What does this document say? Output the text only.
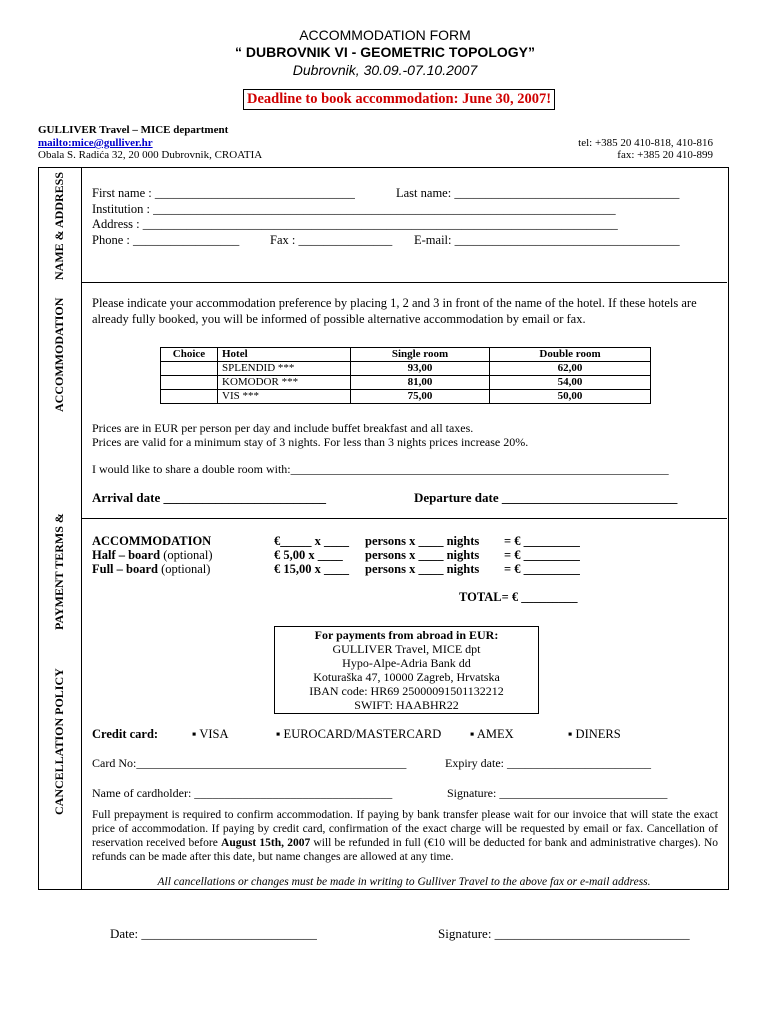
ACCOMMODATION FORM
“ DUBROVNIK VI - GEOMETRIC TOPOLOGY”
Dubrovnik, 30.09.-07.10.2007
Deadline to book accommodation: June 30, 2007!
GULLIVER Travel – MICE department
mailto:mice@gulliver.hr
Obala S. Radića 32, 20 000 Dubrovnik, CROATIA
tel: +385 20 410-818, 410-816
fax: +385 20 410-899
NAME & ADDRESS
ACCOMMODATION
PAYMENT TERMS &
CANCELLATION POLICY
First name : ________________________________	Last name: ____________________________________
Institution : __________________________________________________________________________
Address : ____________________________________________________________________________
Phone : _________________ Fax : _______________ E-mail: ____________________________________
Please indicate your accommodation preference by placing 1, 2 and 3 in front of the name of the hotel. If these hotels are already fully booked, you will be informed of possible alternative accommodation by email or fax.
Choice	Hotel	Single room	Double room
	SPLENDID ***	93,00	62,00
	KOMODOR ***	81,00	54,00
	VIS ***	75,00	50,00
Prices are in EUR per person per day and include buffet breakfast and all taxes.
Prices are valid for a minimum stay of 3 nights. For less than 3 nights prices increase 20%.
I would like to share a double room with:_______________________________________________________________
Arrival date _________________________	Departure date ___________________________
ACCOMMODATION	€_____ x ____ persons x ____ nights = € _________
Half – board (optional)	€ 5,00 x ____ persons x ____ nights = € _________
Full – board (optional)	€ 15,00 x ____ persons x ____ nights = € _________
TOTAL= € _________
For payments from abroad in EUR:
GULLIVER Travel, MICE dpt
Hypo-Alpe-Adria Bank dd
Koturaška 47, 10000 Zagreb, Hrvatska
IBAN code: HR69 25000091501132212
SWIFT: HAABHR22
Credit card:	▪ VISA	▪ EUROCARD/MASTERCARD ▪ AMEX	▪ DINERS
Card No:_____________________________________________	Expiry date: ________________________
Name of cardholder: _________________________________	Signature: ____________________________
Full prepayment is required to confirm accommodation. If paying by bank transfer please wait for our invoice that will state the exact price of accommodation. If paying by credit card, confirmation of the exact charge will be requested by email or fax. Cancellation of reservation received before August 15th, 2007 will be refunded in full (€10 will be deducted for bank and administrative charges). No refunds can be made after this date, but name changes are allowed at any time.
All cancellations or changes must be made in writing to Gulliver Travel to the above fax or e-mail address.
Date: ___________________________	Signature: ______________________________
